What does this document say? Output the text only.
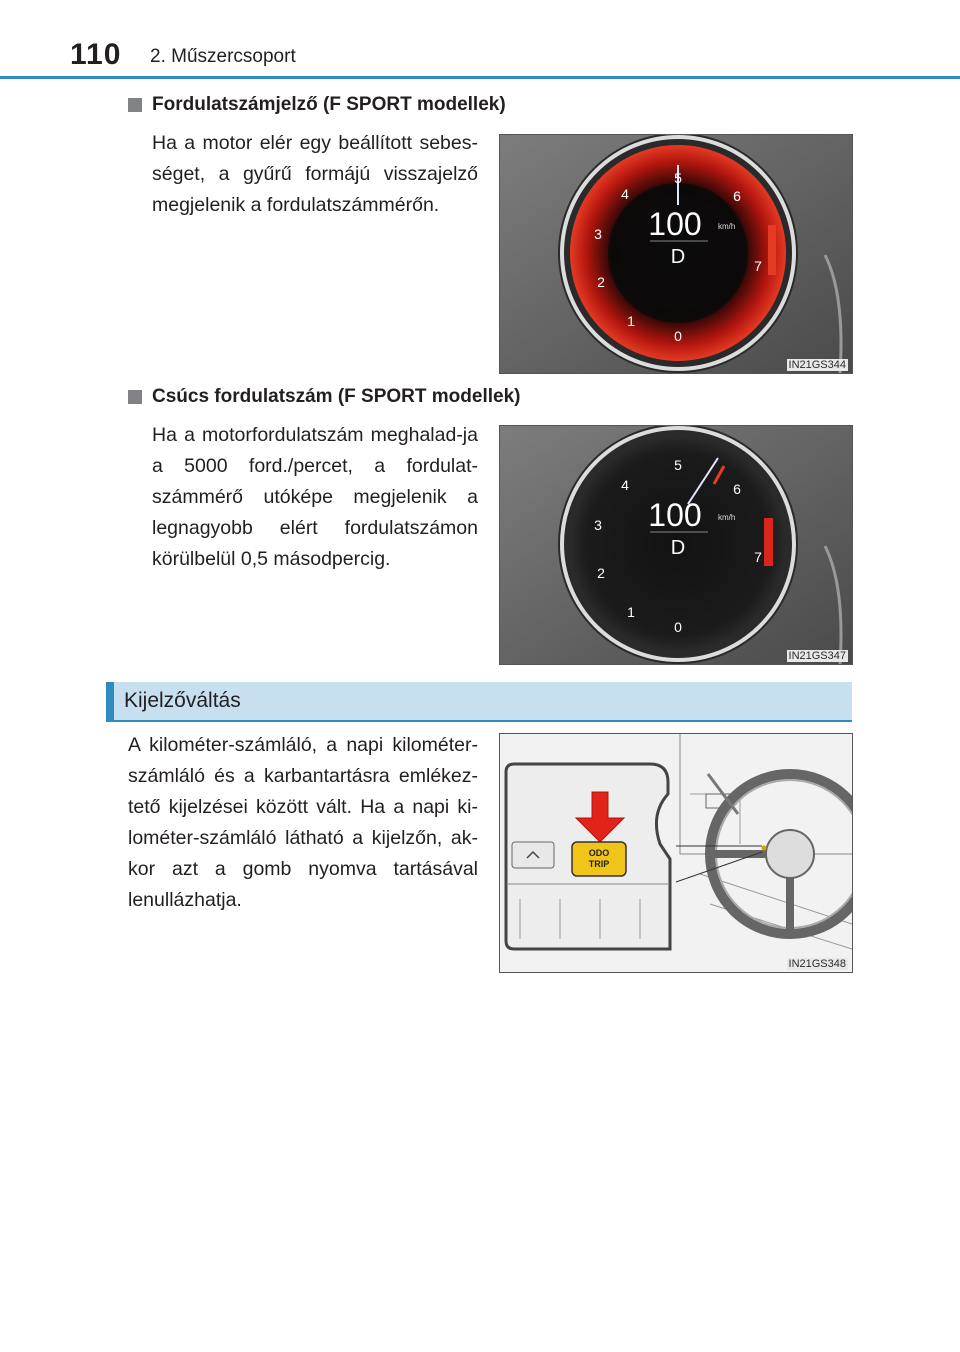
110 2. Műszercsoport
Fordulatszámjelző (F SPORT modellek)
Ha a motor elér egy beállított sebes-séget, a gyűrű formájú visszajelző megjelenik a fordulatszámmérőn.
5
4
3
2
1
0
6
7
100 km/h
D
IN21GS344
Csúcs fordulatszám (F SPORT modellek)
Ha a motorfordulatszám meghalad-ja a 5000 ford./percet, a fordulat-számmérő utóképe megjelenik a legnagyobb elért fordulatszámon körülbelül 0,5 másodpercig.
5
4
3
2
1
0
6
7
100 km/h
D
IN21GS347
Kijelzőváltás
A kilométer-számláló, a napi kilométer-számláló és a karbantartásra emlékez-tető kijelzései között vált. Ha a napi ki-lométer-számláló látható a kijelzőn, ak-kor azt a gomb nyomva tartásával lenullázhatja.
ODO
TRIP
IN21GS348
